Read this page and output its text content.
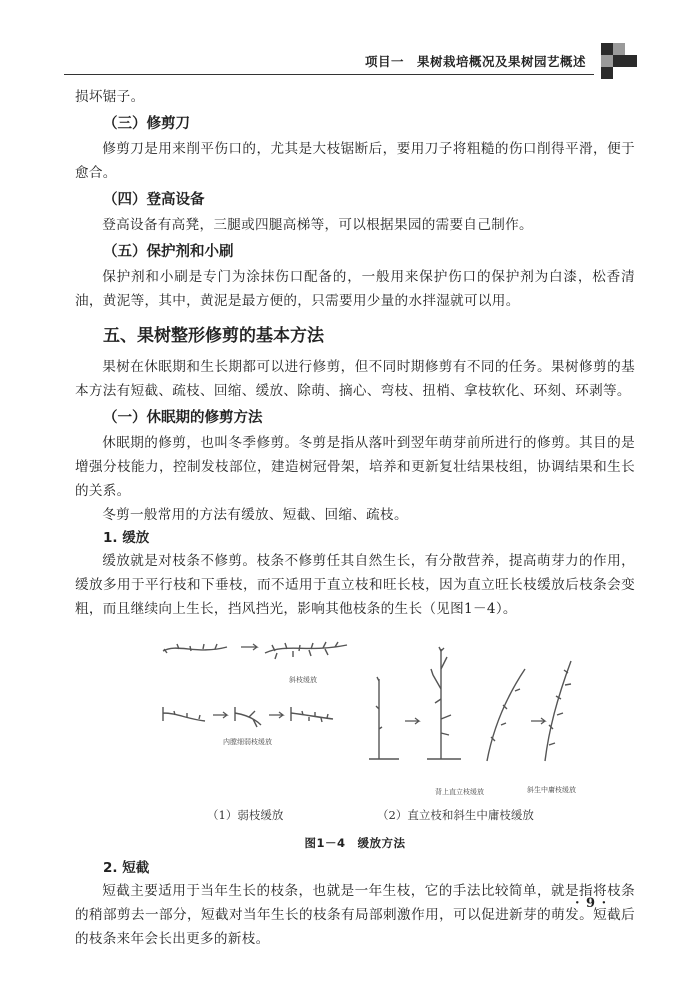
项目一　果树栽培概况及果树园艺概述

损坏锯子。

（三）修剪刀

修剪刀是用来削平伤口的，尤其是大枝锯断后，要用刀子将粗糙的伤口削得平滑，便于愈合。

（四）登高设备

登高设备有高凳，三腿或四腿高梯等，可以根据果园的需要自己制作。

（五）保护剂和小刷

保护剂和小刷是专门为涂抹伤口配备的，一般用来保护伤口的保护剂为白漆，松香清油，黄泥等，其中，黄泥是最方便的，只需要用少量的水拌湿就可以用。

五、果树整形修剪的基本方法

果树在休眠期和生长期都可以进行修剪，但不同时期修剪有不同的任务。果树修剪的基本方法有短截、疏枝、回缩、缓放、除萌、摘心、弯枝、扭梢、拿枝软化、环刻、环剥等。

（一）休眠期的修剪方法

休眠期的修剪，也叫冬季修剪。冬剪是指从落叶到翌年萌芽前所进行的修剪。其目的是增强分枝能力，控制发枝部位，建造树冠骨架，培养和更新复壮结果枝组，协调结果和生长的关系。

冬剪一般常用的方法有缓放、短截、回缩、疏枝。

1. 缓放

缓放就是对枝条不修剪。枝条不修剪任其自然生长，有分散营养，提高萌芽力的作用，缓放多用于平行枝和下垂枝，而不适用于直立枝和旺长枝，因为直立旺长枝缓放后枝条会变粗，而且继续向上生长，挡风挡光，影响其他枝条的生长（见图1－4）。

斜枝缓放
内膛细弱枝缓放
背上直立枝缓放	斜生中庸枝缓放
（1）弱枝缓放	（2）直立枝和斜生中庸枝缓放
图1－4　缓放方法
2. 短截

短截主要适用于当年生长的枝条，也就是一年生枝，它的手法比较简单，就是指将枝条的稍部剪去一部分，短截对当年生长的枝条有局部刺激作用，可以促进新芽的萌发。短截后的枝条来年会长出更多的新枝。

· 9 ·
